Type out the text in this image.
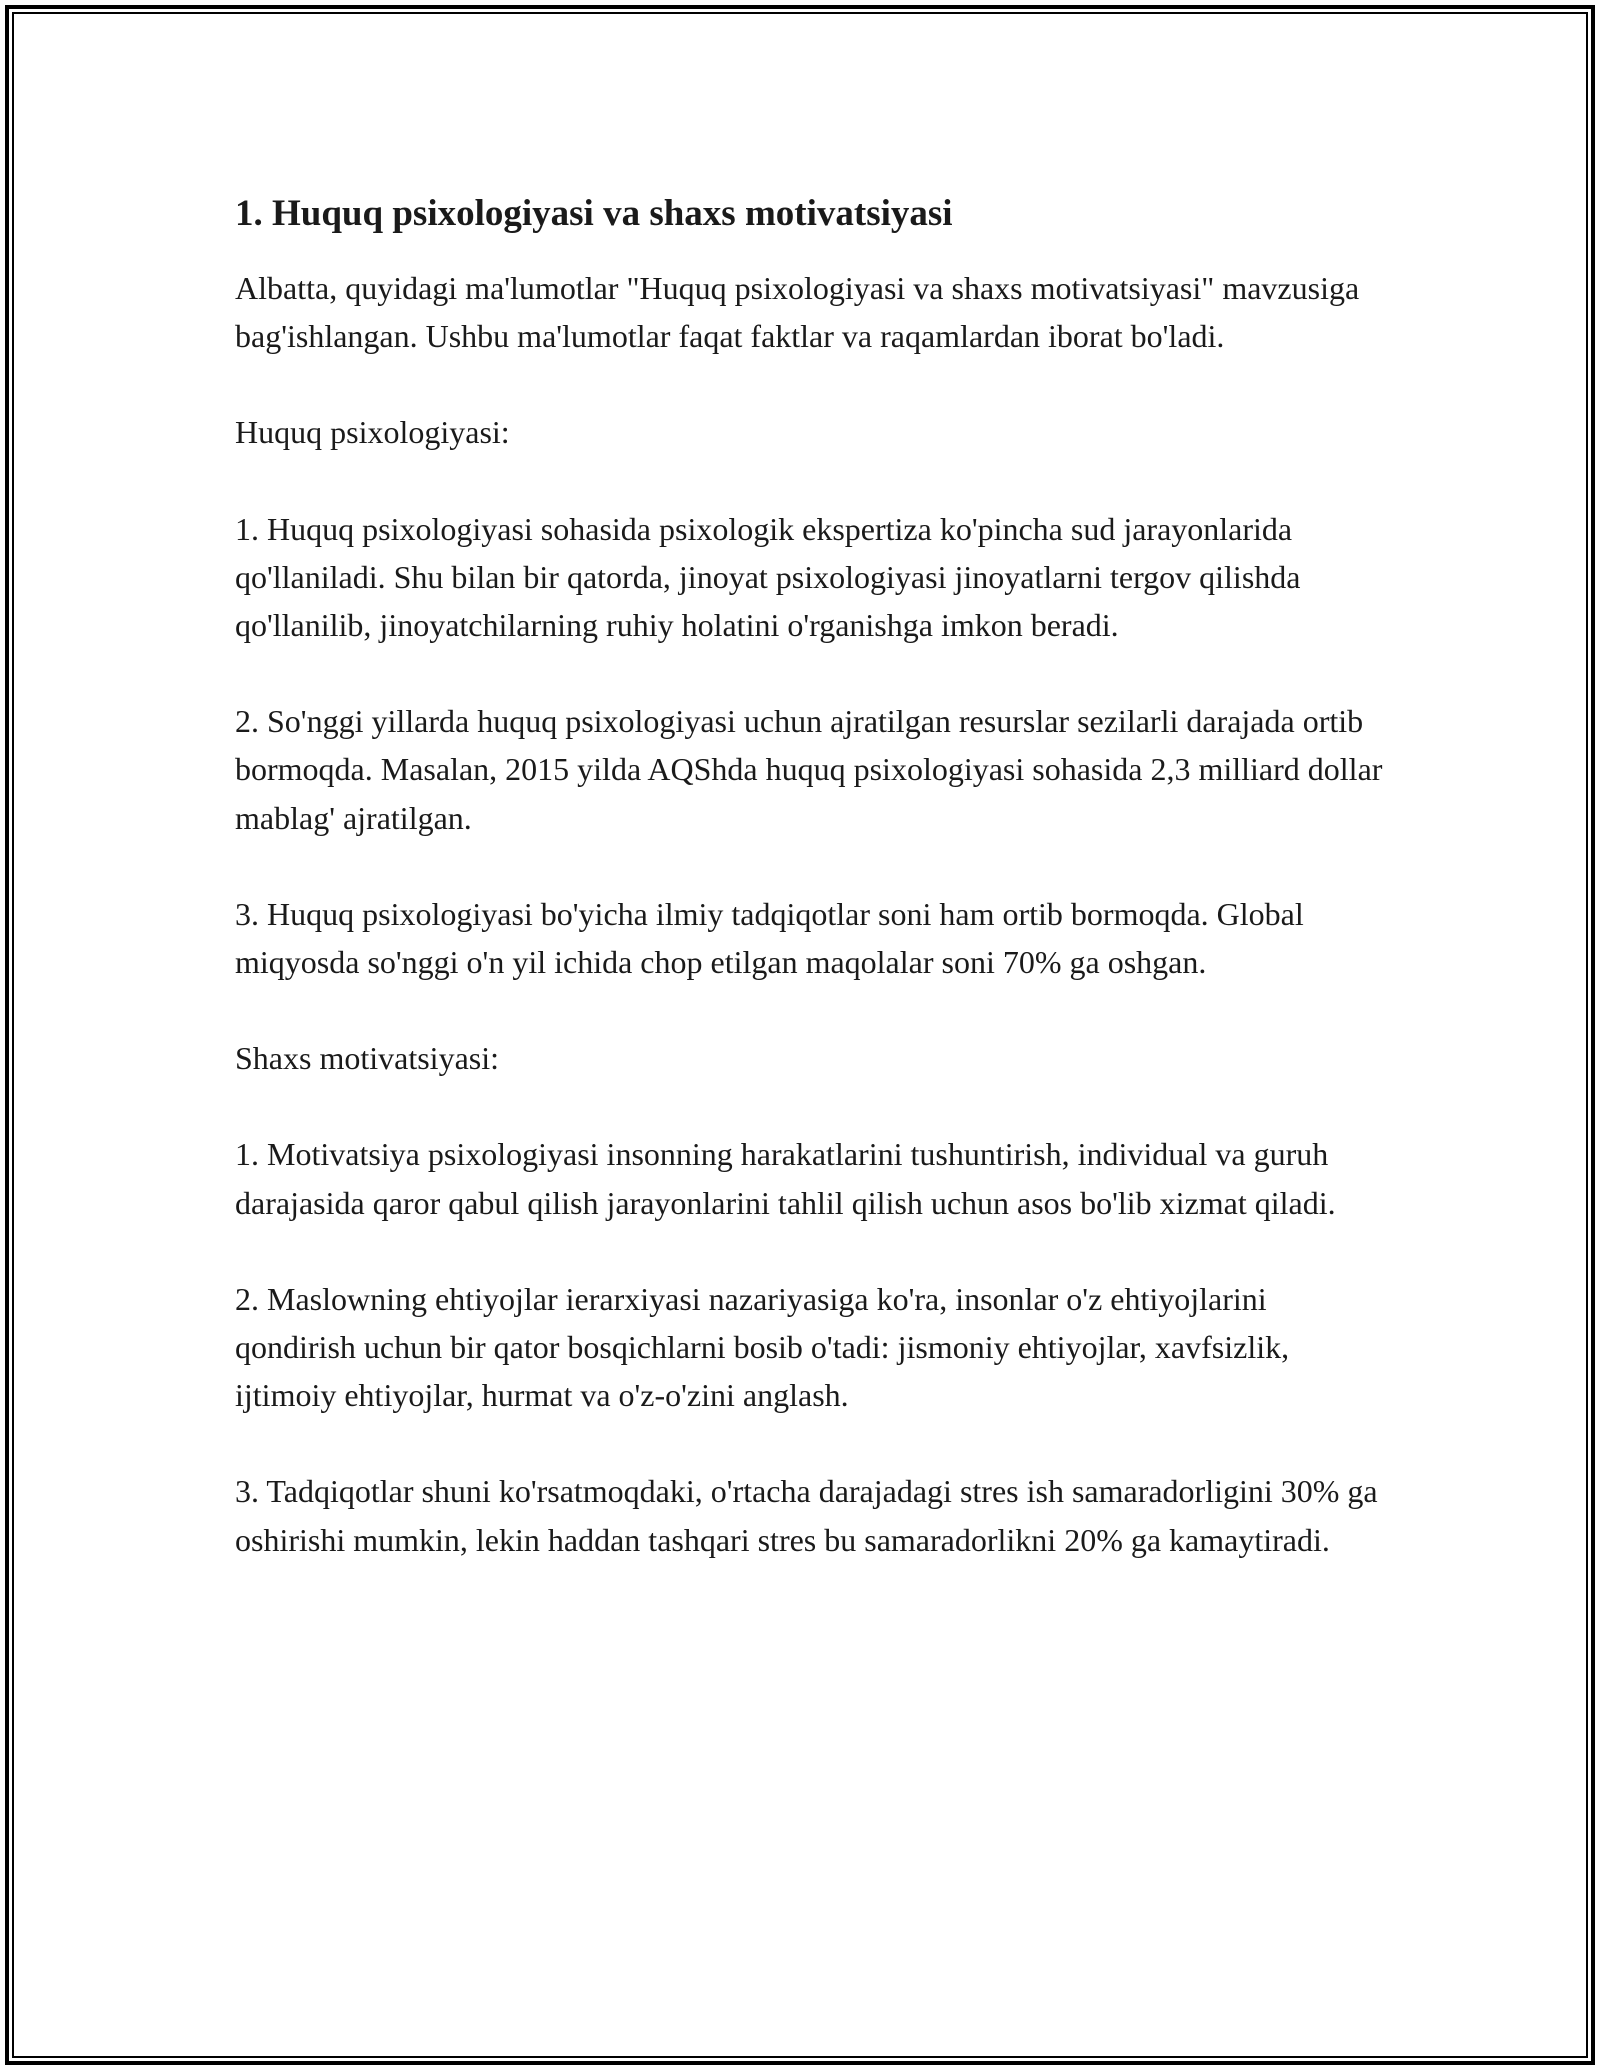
1. Huquq psixologiyasi va shaxs motivatsiyasi

Albatta, quyidagi ma'lumotlar "Huquq psixologiyasi va shaxs motivatsiyasi" mavzusiga bag'ishlangan. Ushbu ma'lumotlar faqat faktlar va raqamlardan iborat bo'ladi.

Huquq psixologiyasi:

1. Huquq psixologiyasi sohasida psixologik ekspertiza ko'pincha sud jarayonlarida qo'llaniladi. Shu bilan bir qatorda, jinoyat psixologiyasi jinoyatlarni tergov qilishda qo'llanilib, jinoyatchilarning ruhiy holatini o'rganishga imkon beradi.

2. So'nggi yillarda huquq psixologiyasi uchun ajratilgan resurslar sezilarli darajada ortib bormoqda. Masalan, 2015 yilda AQShda huquq psixologiyasi sohasida 2,3 milliard dollar mablag' ajratilgan.

3. Huquq psixologiyasi bo'yicha ilmiy tadqiqotlar soni ham ortib bormoqda. Global miqyosda so'nggi o'n yil ichida chop etilgan maqolalar soni 70% ga oshgan.

Shaxs motivatsiyasi:

1. Motivatsiya psixologiyasi insonning harakatlarini tushuntirish, individual va guruh darajasida qaror qabul qilish jarayonlarini tahlil qilish uchun asos bo'lib xizmat qiladi.

2. Maslowning ehtiyojlar ierarxiyasi nazariyasiga ko'ra, insonlar o'z ehtiyojlarini qondirish uchun bir qator bosqichlarni bosib o'tadi: jismoniy ehtiyojlar, xavfsizlik, ijtimoiy ehtiyojlar, hurmat va o'z-o'zini anglash.

3. Tadqiqotlar shuni ko'rsatmoqdaki, o'rtacha darajadagi stres ish samaradorligini 30% ga oshirishi mumkin, lekin haddan tashqari stres bu samaradorlikni 20% ga kamaytiradi.
